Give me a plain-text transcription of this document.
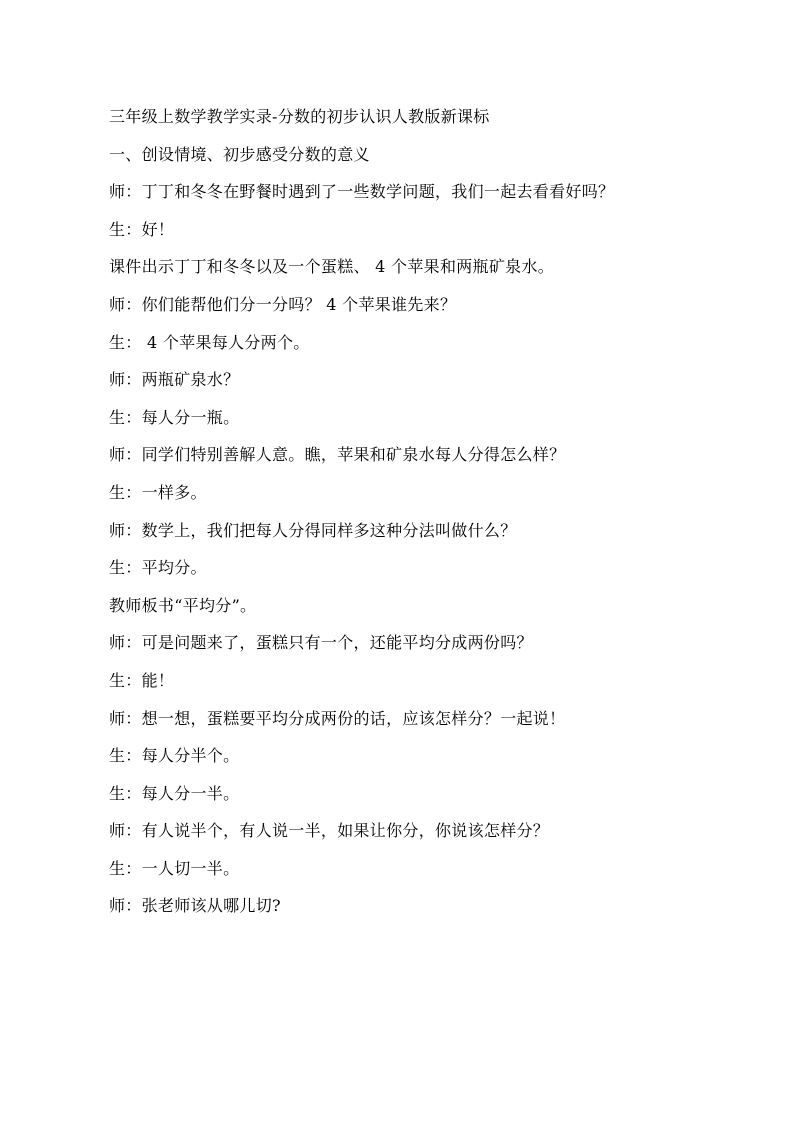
三年级上数学教学实录-分数的初步认识人教版新课标
一、创设情境、初步感受分数的意义
师：丁丁和冬冬在野餐时遇到了一些数学问题，我们一起去看看好吗？
生：好！
课件出示丁丁和冬冬以及一个蛋糕、 4 个苹果和两瓶矿泉水。
师：你们能帮他们分一分吗？ 4 个苹果谁先来？
生： 4 个苹果每人分两个。
师：两瓶矿泉水？
生：每人分一瓶。
师：同学们特别善解人意。瞧，苹果和矿泉水每人分得怎么样？
生：一样多。
师：数学上，我们把每人分得同样多这种分法叫做什么？
生：平均分。
教师板书“平均分”。
师：可是问题来了，蛋糕只有一个，还能平均分成两份吗？
生：能！
师：想一想，蛋糕要平均分成两份的话，应该怎样分？一起说！
生：每人分半个。
生：每人分一半。
师：有人说半个，有人说一半，如果让你分，你说该怎样分？
生：一人切一半。
师：张老师该从哪儿切?
